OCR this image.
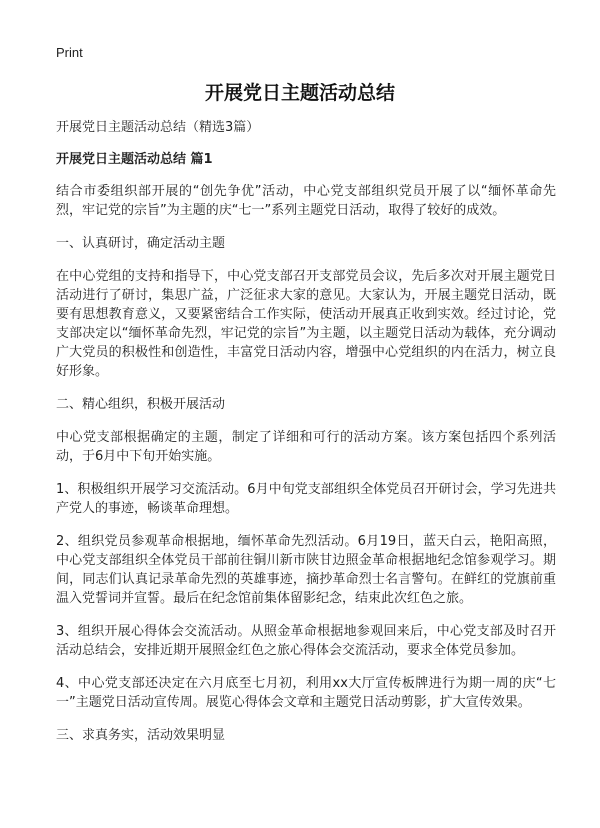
Print
开展党日主题活动总结

开展党日主题活动总结（精选3篇）

开展党日主题活动总结 篇1

结合市委组织部开展的“创先争优”活动，中心党支部组织党员开展了以“缅怀革命先烈，牢记党的宗旨”为主题的庆“七一”系列主题党日活动，取得了较好的成效。

一、认真研讨，确定活动主题

在中心党组的支持和指导下，中心党支部召开支部党员会议，先后多次对开展主题党日活动进行了研讨，集思广益，广泛征求大家的意见。大家认为，开展主题党日活动，既要有思想教育意义，又要紧密结合工作实际，使活动开展真正收到实效。经过讨论，党支部决定以“缅怀革命先烈，牢记党的宗旨”为主题，以主题党日活动为载体，充分调动广大党员的积极性和创造性，丰富党日活动内容，增强中心党组织的内在活力，树立良好形象。

二、精心组织，积极开展活动

中心党支部根据确定的主题，制定了详细和可行的活动方案。该方案包括四个系列活动，于6月中下旬开始实施。

1、积极组织开展学习交流活动。6月中旬党支部组织全体党员召开研讨会，学习先进共产党人的事迹，畅谈革命理想。

2、组织党员参观革命根据地，缅怀革命先烈活动。6月19日，蓝天白云，艳阳高照，中心党支部组织全体党员干部前往铜川新市陕甘边照金革命根据地纪念馆参观学习。期间，同志们认真记录革命先烈的英雄事迹，摘抄革命烈士名言警句。在鲜红的党旗前重温入党誓词并宣誓。最后在纪念馆前集体留影纪念，结束此次红色之旅。

3、组织开展心得体会交流活动。从照金革命根据地参观回来后，中心党支部及时召开活动总结会，安排近期开展照金红色之旅心得体会交流活动，要求全体党员参加。

4、中心党支部还决定在六月底至七月初，利用xx大厅宣传板牌进行为期一周的庆“七一”主题党日活动宣传周。展览心得体会文章和主题党日活动剪影，扩大宣传效果。

三、求真务实，活动效果明显
